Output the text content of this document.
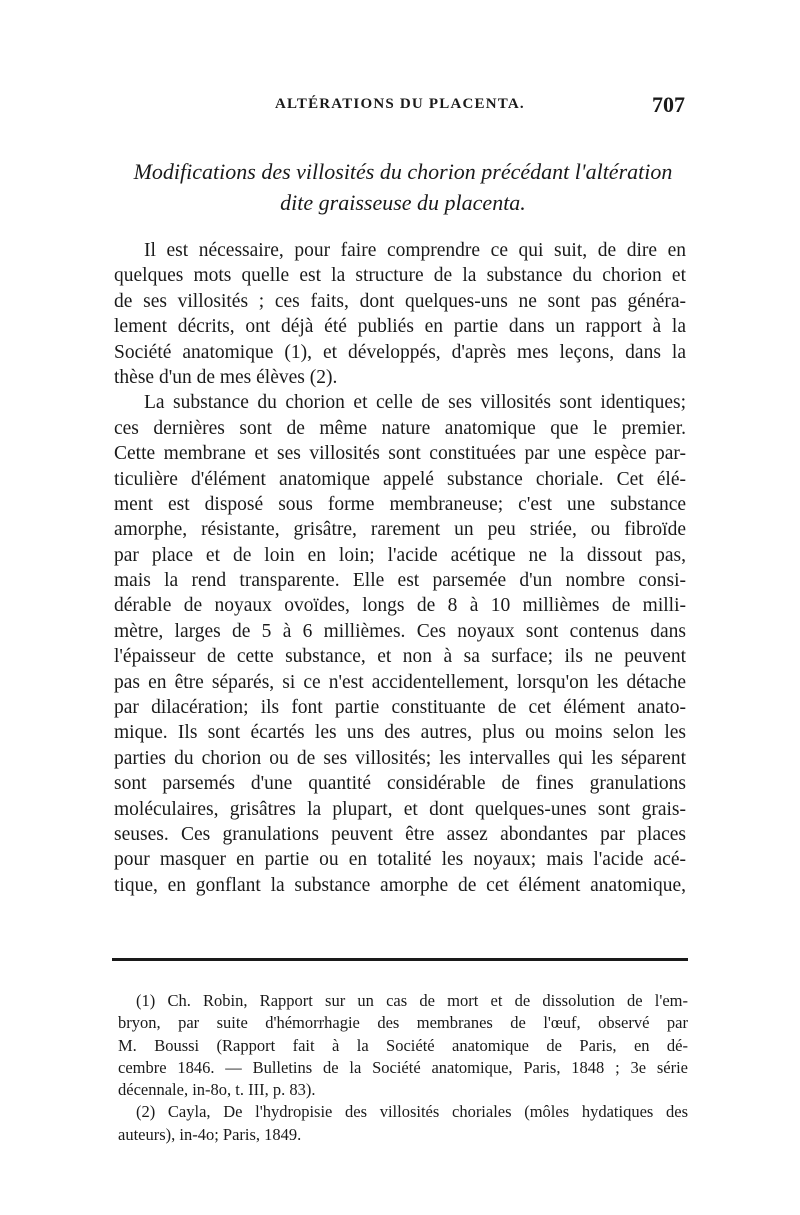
ALTÉRATIONS DU PLACENTA.	707
Modifications des villosités du chorion précédant l'altération
dite graisseuse du placenta.
Il est nécessaire, pour faire comprendre ce qui suit, de dire en
quelques mots quelle est la structure de la substance du chorion et
de ses villosités ; ces faits, dont quelques-uns ne sont pas généra-
lement décrits, ont déjà été publiés en partie dans un rapport à la
Société anatomique (1), et développés, d'après mes leçons, dans la
thèse d'un de mes élèves (2).
La substance du chorion et celle de ses villosités sont identiques;
ces dernières sont de même nature anatomique que le premier.
Cette membrane et ses villosités sont constituées par une espèce par-
ticulière d'élément anatomique appelé substance choriale. Cet élé-
ment est disposé sous forme membraneuse; c'est une substance
amorphe, résistante, grisâtre, rarement un peu striée, ou fibroïde
par place et de loin en loin; l'acide acétique ne la dissout pas,
mais la rend transparente. Elle est parsemée d'un nombre consi-
dérable de noyaux ovoïdes, longs de 8 à 10 millièmes de milli-
mètre, larges de 5 à 6 millièmes. Ces noyaux sont contenus dans
l'épaisseur de cette substance, et non à sa surface; ils ne peuvent
pas en être séparés, si ce n'est accidentellement, lorsqu'on les détache
par dilacération; ils font partie constituante de cet élément anato-
mique. Ils sont écartés les uns des autres, plus ou moins selon les
parties du chorion ou de ses villosités; les intervalles qui les séparent
sont parsemés d'une quantité considérable de fines granulations
moléculaires, grisâtres la plupart, et dont quelques-unes sont grais-
seuses. Ces granulations peuvent être assez abondantes par places
pour masquer en partie ou en totalité les noyaux; mais l'acide acé-
tique, en gonflant la substance amorphe de cet élément anatomique,
(1) Ch. Robin, Rapport sur un cas de mort et de dissolution de l'em-
bryon, par suite d'hémorrhagie des membranes de l'œuf, observé par
M. Boussi (Rapport fait à la Société anatomique de Paris, en dé-
cembre 1846. — Bulletins de la Société anatomique, Paris, 1848 ; 3e série
décennale, in-8o, t. III, p. 83).
(2) Cayla, De l'hydropisie des villosités choriales (môles hydatiques des
auteurs), in-4o; Paris, 1849.
